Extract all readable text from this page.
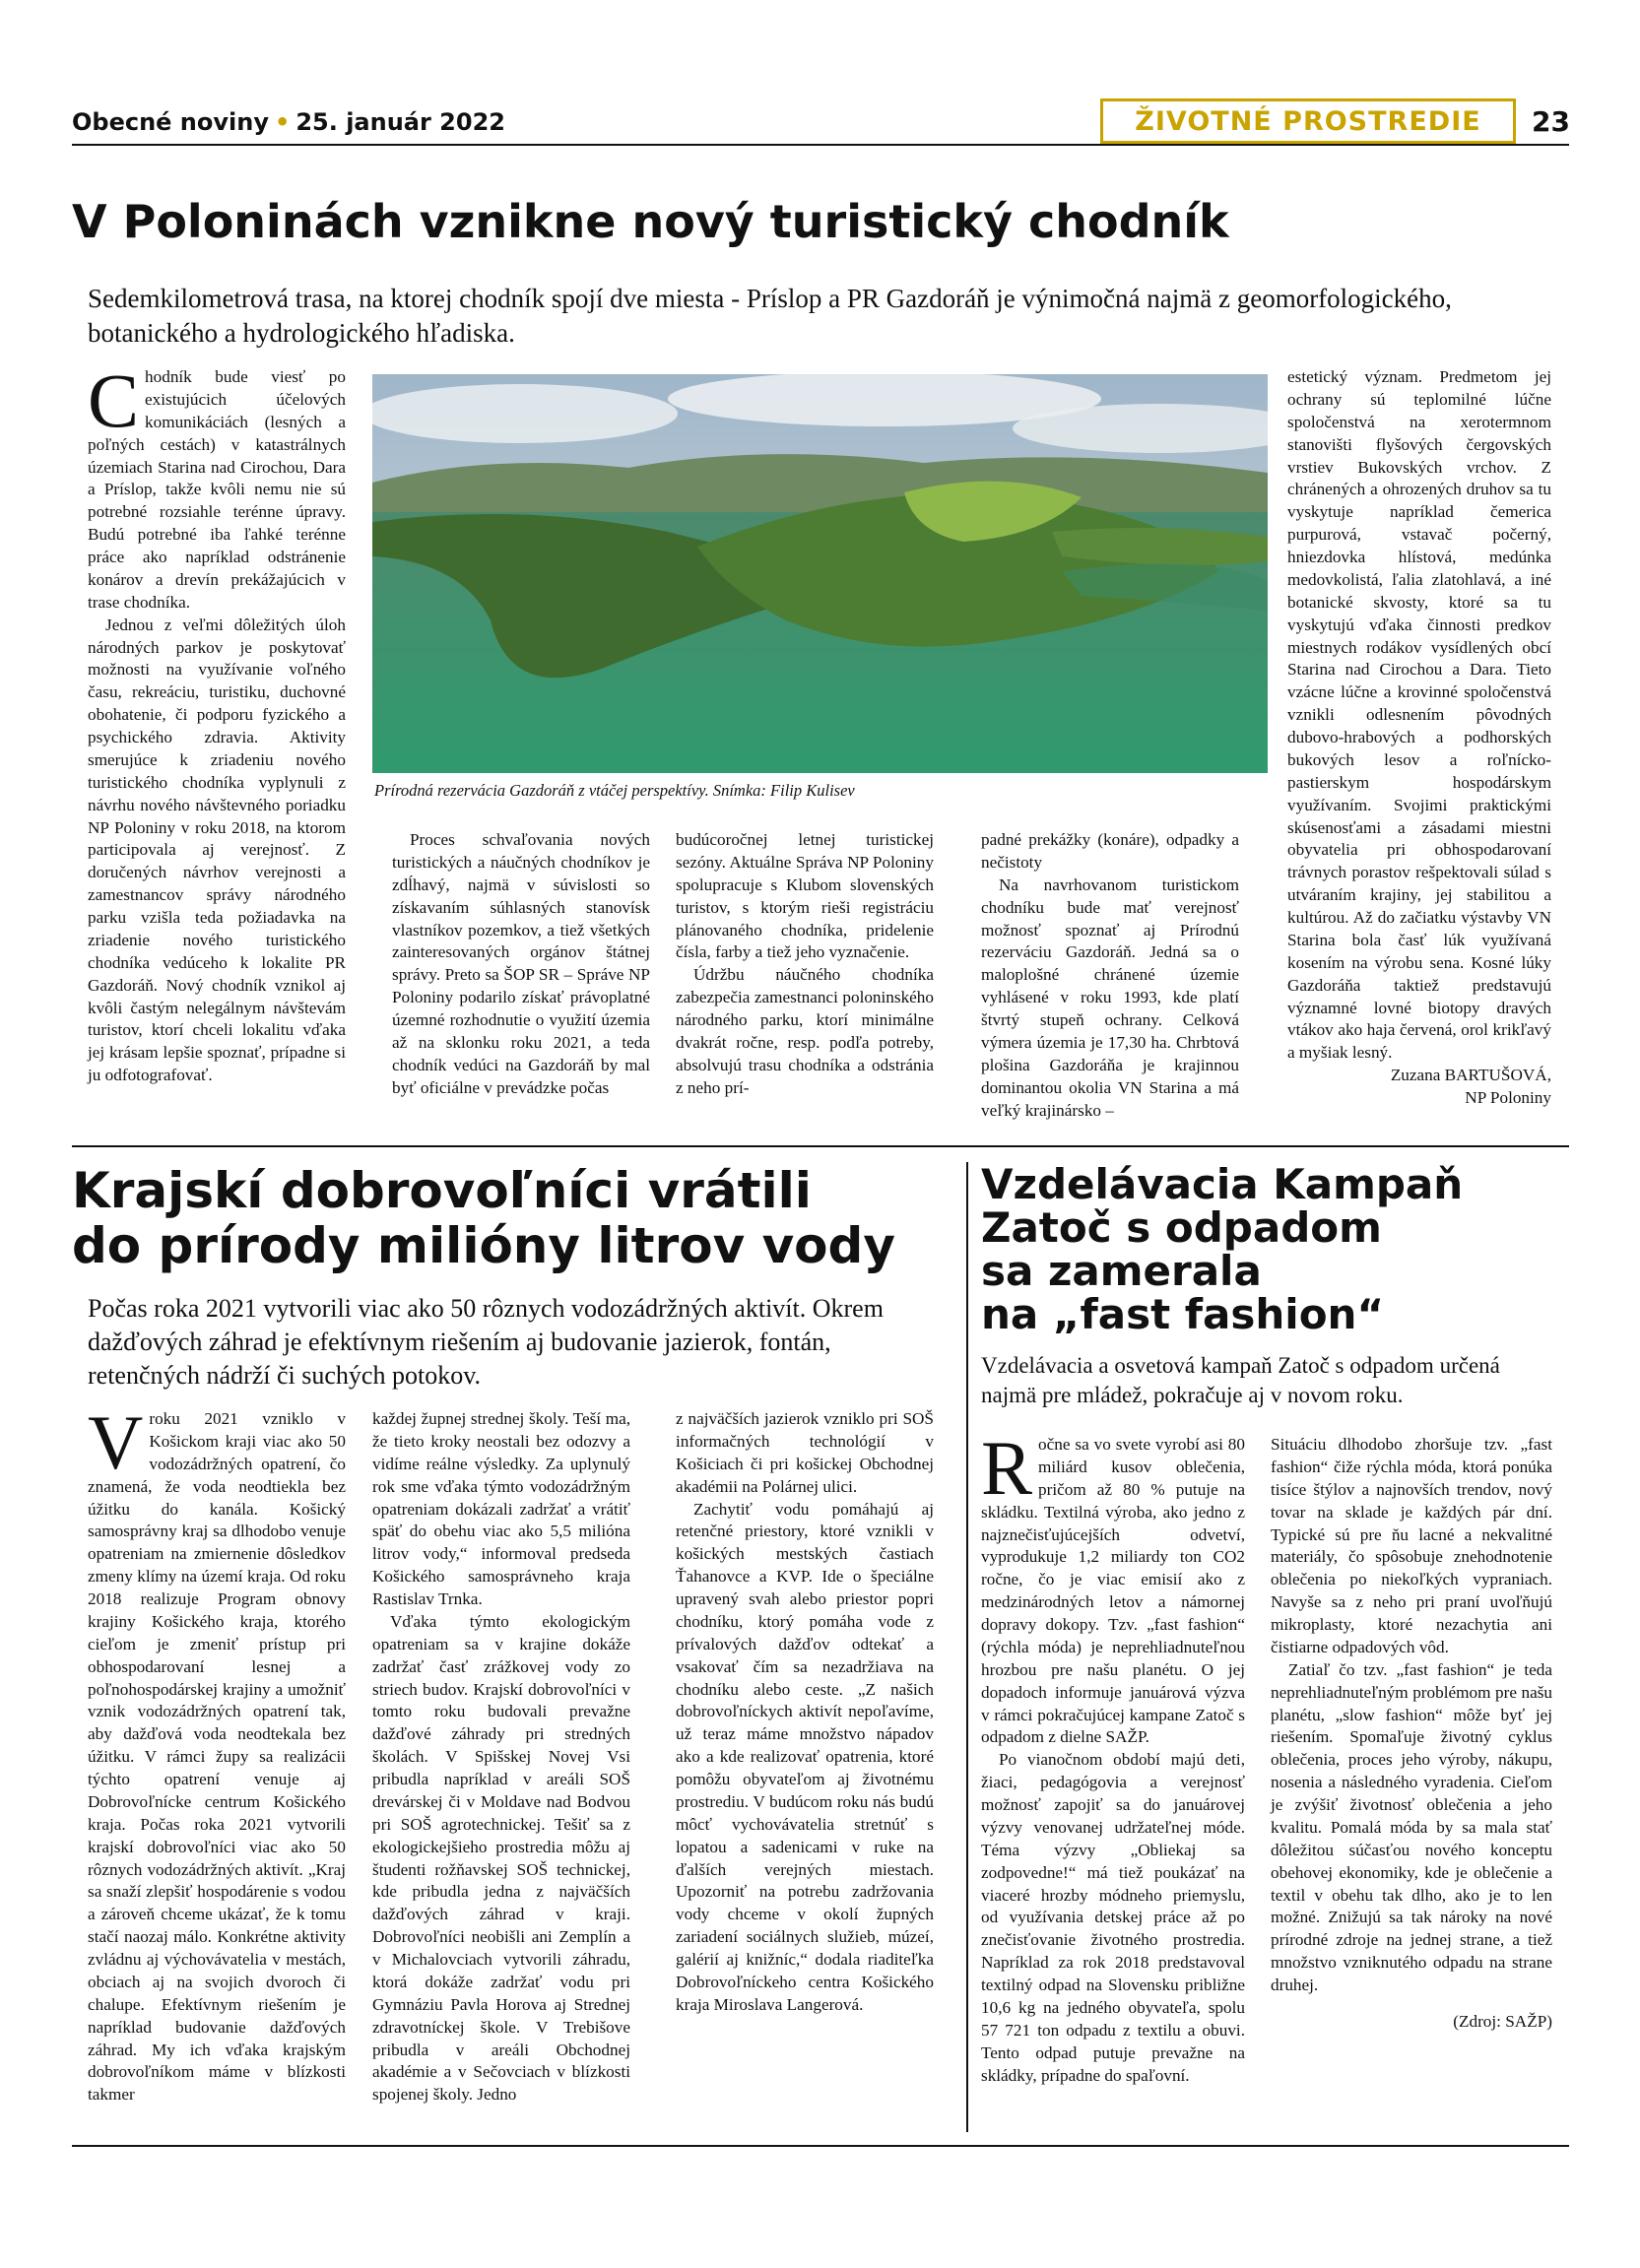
Obecné noviny • 25. január 2022	ŽIVOTNÉ PROSTREDIE	23
V Poloninách vznikne nový turistický chodník
Sedemkilometrová trasa, na ktorej chodník spojí dve miesta - Príslop a PR Gazdoráň je výnimočná najmä z geomorfologického, botanického a hydrologického hľadiska.

Chodník bude viesť po existujúcich účelových komunikáciách (lesných a poľných cestách) v katastrálnych územiach Starina nad Cirochou, Dara a Príslop, takže kvôli nemu nie sú potrebné rozsiahle terénne úpravy. Budú potrebné iba ľahké terénne práce ako napríklad odstránenie konárov a drevín prekážajúcich v trase chodníka.

Jednou z veľmi dôležitých úloh národných parkov je poskytovať možnosti na využívanie voľného času, rekreáciu, turistiku, duchovné obohatenie, či podporu fyzického a psychického zdravia. Aktivity smerujúce k zriadeniu nového turistického chodníka vyplynuli z návrhu nového návštevného poriadku NP Poloniny v roku 2018, na ktorom participovala aj verejnosť. Z doručených návrhov verejnosti a zamestnancov správy národného parku vzišla teda požiadavka na zriadenie nového turistického chodníka vedúceho k lokalite PR Gazdoráň. Nový chodník vznikol aj kvôli častým nelegálnym návštevám turistov, ktorí chceli lokalitu vďaka jej krásam lepšie spoznať, prípadne si ju odfotografovať.

Prírodná rezervácia Gazdoráň z vtáčej perspektívy. Snímka: Filip Kulisev

Proces schvaľovania nových turistických a náučných chodníkov je zdĺhavý, najmä v súvislosti so získavaním súhlasných stanovísk vlastníkov pozemkov, a tiež všetkých zainteresovaných orgánov štátnej správy. Preto sa ŠOP SR – Správe NP Poloniny podarilo získať právoplatné územné rozhodnutie o využití územia až na sklonku roku 2021, a teda chodník vedúci na Gazdoráň by mal byť oficiálne v prevádzke počas

budúcoročnej letnej turistickej sezóny. Aktuálne Správa NP Poloniny spolupracuje s Klubom slovenských turistov, s ktorým rieši registráciu plánovaného chodníka, pridelenie čísla, farby a tiež jeho vyznačenie.

Údržbu náučného chodníka zabezpečia zamestnanci poloninského národného parku, ktorí minimálne dvakrát ročne, resp. podľa potreby, absolvujú trasu chodníka a odstránia z neho prí-

padné prekážky (konáre), odpadky a nečistoty

Na navrhovanom turistickom chodníku bude mať verejnosť možnosť spoznať aj Prírodnú rezerváciu Gazdoráň. Jedná sa o maloplošné chránené územie vyhlásené v roku 1993, kde platí štvrtý stupeň ochrany. Celková výmera územia je 17,30 ha. Chrbtová plošina Gazdoráňa je krajinnou dominantou okolia VN Starina a má veľký krajinársko –

estetický význam. Predmetom jej ochrany sú teplomilné lúčne spoločenstvá na xerotermnom stanovišti flyšových čergovských vrstiev Bukovských vrchov. Z chránených a ohrozených druhov sa tu vyskytuje napríklad čemerica purpurová, vstavač počerný, hniezdovka hlístová, medúnka medovkolistá, ľalia zlatohlavá, a iné botanické skvosty, ktoré sa tu vyskytujú vďaka činnosti predkov miestnych rodákov vysídlených obcí Starina nad Cirochou a Dara. Tieto vzácne lúčne a krovinné spoločenstvá vznikli odlesnením pôvodných dubovo-hrabových a podhorských bukových lesov a roľnícko-pastierskym hospodárskym využívaním. Svojimi praktickými skúsenosťami a zásadami miestni obyvatelia pri obhospodarovaní trávnych porastov rešpektovali súlad s utváraním krajiny, jej stabilitou a kultúrou. Až do začiatku výstavby VN Starina bola časť lúk využívaná kosením na výrobu sena. Kosné lúky Gazdoráňa taktiež predstavujú významné lovné biotopy dravých vtákov ako haja červená, orol krikľavý a myšiak lesný.

Zuzana BARTUŠOVÁ,
NP Poloniny
Krajskí dobrovoľníci vrátili
do prírody milióny litrov vody
Počas roka 2021 vytvorili viac ako 50 rôznych vodozádržných aktivít. Okrem dažďových záhrad je efektívnym riešením aj budovanie jazierok, fontán, retenčných nádrží či suchých potokov.

Vroku 2021 vzniklo v Košickom kraji viac ako 50 vodozádržných opatrení, čo znamená, že voda neodtiekla bez úžitku do kanála. Košický samosprávny kraj sa dlhodobo venuje opatreniam na zmiernenie dôsledkov zmeny klímy na území kraja. Od roku 2018 realizuje Program obnovy krajiny Košického kraja, ktorého cieľom je zmeniť prístup pri obhospodarovaní lesnej a poľnohospodárskej krajiny a umožniť vznik vodozádržných opatrení tak, aby dažďová voda neodtekala bez úžitku. V rámci župy sa realizácii týchto opatrení venuje aj Dobrovoľnícke centrum Košického kraja. Počas roka 2021 vytvorili krajskí dobrovoľníci viac ako 50 rôznych vodozádržných aktivít. „Kraj sa snaží zlepšiť hospodárenie s vodou a zároveň chceme ukázať, že k tomu stačí naozaj málo. Konkrétne aktivity zvládnu aj výchovávatelia v mestách, obciach aj na svojich dvoroch či chalupe. Efektívnym riešením je napríklad budovanie dažďových záhrad. My ich vďaka krajským dobrovoľníkom máme v blízkosti takmer

každej župnej strednej školy. Teší ma, že tieto kroky neostali bez odozvy a vidíme reálne výsledky. Za uplynulý rok sme vďaka týmto vodozádržným opatreniam dokázali zadržať a vrátiť späť do obehu viac ako 5,5 milióna litrov vody,“ informoval predseda Košického samosprávneho kraja Rastislav Trnka.

Vďaka týmto ekologickým opatreniam sa v krajine dokáže zadržať časť zrážkovej vody zo striech budov. Krajskí dobrovoľníci v tomto roku budovali prevažne dažďové záhrady pri stredných školách. V Spišskej Novej Vsi pribudla napríklad v areáli SOŠ drevárskej či v Moldave nad Bodvou pri SOŠ agrotechnickej. Tešiť sa z ekologickejšieho prostredia môžu aj študenti rožňavskej SOŠ technickej, kde pribudla jedna z najväčších dažďových záhrad v kraji. Dobrovoľníci neobišli ani Zemplín a v Michalovciach vytvorili záhradu, ktorá dokáže zadržať vodu pri Gymnáziu Pavla Horova aj Strednej zdravotníckej škole. V Trebišove pribudla v areáli Obchodnej akadémie a v Sečovciach v blízkosti spojenej školy. Jedno

z najväčších jazierok vzniklo pri SOŠ informačných technológií v Košiciach či pri košickej Obchodnej akadémii na Polárnej ulici.

Zachytiť vodu pomáhajú aj retenčné priestory, ktoré vznikli v košických mestských častiach Ťahanovce a KVP. Ide o špeciálne upravený svah alebo priestor popri chodníku, ktorý pomáha vode z prívalových dažďov odtekať a vsakovať čím sa nezadržiava na chodníku alebo ceste. „Z našich dobrovoľníckych aktivít nepoľavíme, už teraz máme množstvo nápadov ako a kde realizovať opatrenia, ktoré pomôžu obyvateľom aj životnému prostrediu. V budúcom roku nás budú môcť vychovávatelia stretnúť s lopatou a sadenicami v ruke na ďalších verejných miestach. Upozorniť na potrebu zadržovania vody chceme v okolí župných zariadení sociálnych služieb, múzeí, galérií aj knižníc,“ dodala riaditeľka Dobrovoľníckeho centra Košického kraja Miroslava Langerová.

Vzdelávacia Kampaň
Zatoč s odpadom
sa zamerala
na „fast fashion“
Vzdelávacia a osvetová kampaň Zatoč s odpadom určená najmä pre mládež, pokračuje aj v novom roku.

Ročne sa vo svete vyrobí asi 80 miliárd kusov oblečenia, pričom až 80 % putuje na skládku. Textilná výroba, ako jedno z najznečisťujúcejších odvetví, vyprodukuje 1,2 miliardy ton CO2 ročne, čo je viac emisií ako z medzinárodných letov a námornej dopravy dokopy. Tzv. „fast fashion“ (rýchla móda) je neprehliadnuteľnou hrozbou pre našu planétu. O jej dopadoch informuje januárová výzva v rámci pokračujúcej kampane Zatoč s odpadom z dielne SAŽP.

Po vianočnom období majú deti, žiaci, pedagógovia a verejnosť možnosť zapojiť sa do januárovej výzvy venovanej udržateľnej móde. Téma výzvy „Obliekaj sa zodpovedne!“ má tiež poukázať na viaceré hrozby módneho priemyslu, od využívania detskej práce až po znečisťovanie životného prostredia. Napríklad za rok 2018 predstavoval textilný odpad na Slovensku približne 10,6 kg na jedného obyvateľa, spolu 57 721 ton odpadu z textilu a obuvi. Tento odpad putuje prevažne na skládky, prípadne do spaľovní.

Situáciu dlhodobo zhoršuje tzv. „fast fashion“ čiže rýchla móda, ktorá ponúka tisíce štýlov a najnovších trendov, nový tovar na sklade je každých pár dní. Typické sú pre ňu lacné a nekvalitné materiály, čo spôsobuje znehodnotenie oblečenia po niekoľkých vypraniach. Navyše sa z neho pri praní uvoľňujú mikroplasty, ktoré nezachytia ani čistiarne odpadových vôd.

Zatiaľ čo tzv. „fast fashion“ je teda neprehliadnuteľným problémom pre našu planétu, „slow fashion“ môže byť jej riešením. Spomaľuje životný cyklus oblečenia, proces jeho výroby, nákupu, nosenia a následného vyradenia. Cieľom je zvýšiť životnosť oblečenia a jeho kvalitu. Pomalá móda by sa mala stať dôležitou súčasťou nového konceptu obehovej ekonomiky, kde je oblečenie a textil v obehu tak dlho, ako je to len možné. Znižujú sa tak nároky na nové prírodné zdroje na jednej strane, a tiež množstvo vzniknutého odpadu na strane druhej.

(Zdroj: SAŽP)
